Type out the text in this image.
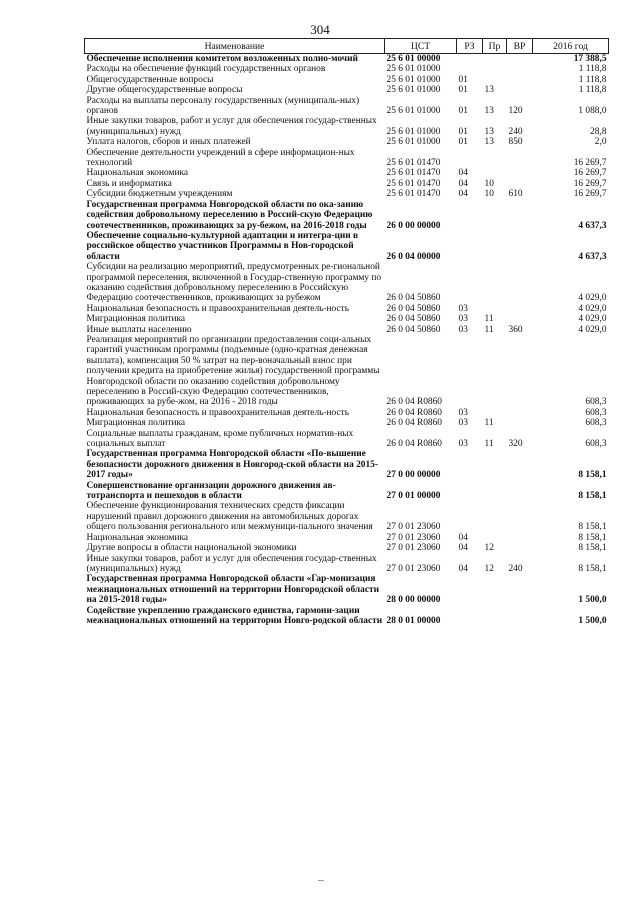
304
Наименование	ЦСТ	РЗ	Пр	ВР	2016 год
Обеспечение исполнения комитетом возложенных полно-мочий	25 6 01 00000				17 388,5
Расходы на обеспечение функций государственных органов	25 6 01 01000				1 118,8
Общегосударственные вопросы	25 6 01 01000	01			1 118,8
Другие общегосударственные вопросы	25 6 01 01000	01	13		1 118,8
Расходы на выплаты персоналу государственных (муниципаль-ных) органов	25 6 01 01000	01	13	120	1 088,0
Иные закупки товаров, работ и услуг для обеспечения государ-ственных (муниципальных) нужд	25 6 01 01000	01	13	240	28,8
Уплата налогов, сборов и иных платежей	25 6 01 01000	01	13	850	2,0
Обеспечение деятельности учреждений в сфере информацион-ных технологий	25 6 01 01470				16 269,7
Национальная экономика	25 6 01 01470	04			16 269,7
Связь и информатика	25 6 01 01470	04	10		16 269,7
Субсидии бюджетным учреждениям	25 6 01 01470	04	10	610	16 269,7
Государственная программа Новгородской области по ока-занию содействия добровольному переселению в Россий-скую Федерацию соотечественников, проживающих за ру-бежом, на 2016-2018 годы	26 0 00 00000				4 637,3
Обеспечение социально-культурной адаптации и интегра-ции в российское общество участников Программы в Нов-городской области	26 0 04 00000				4 637,3
Субсидии на реализацию мероприятий, предусмотренных ре-гиональной программой переселения, включенной в Государ-ственную программу по оказанию содействия добровольному переселению в Российскую Федерацию соотечественников, проживающих за рубежом	26 0 04 50860				4 029,0
Национальная безопасность и правоохранительная деятель-ность	26 0 04 50860	03			4 029,0
Миграционная политика	26 0 04 50860	03	11		4 029,0
Иные выплаты населению	26 0 04 50860	03	11	360	4 029,0
Реализация мероприятий по организации предоставления соци-альных гарантий участникам программы (подъемные (одно-кратная денежная выплата), компенсация 50 % затрат на пер-воначальный взнос при получении кредита на приобретение жилья) государственной программы Новгородской области по оказанию содействия добровольному переселению в Россий-скую Федерацию соотечественников, проживающих за рубе-жом, на 2016 - 2018 годы	26 0 04 R0860				608,3
Национальная безопасность и правоохранительная деятель-ность	26 0 04 R0860	03			608,3
Миграционная политика	26 0 04 R0860	03	11		608,3
Социальные выплаты гражданам, кроме публичных норматив-ных социальных выплат	26 0 04 R0860	03	11	320	608,3
Государственная программа Новгородской области «По-вышение безопасности дорожного движения в Новгород-ской области на 2015-2017 годы»	27 0 00 00000				8 158,1
Совершенствование организации дорожного движения ав-тотранспорта и пешеходов в области	27 0 01 00000				8 158,1
Обеспечение функционирования технических средств фиксации нарушений правил дорожного движения на автомобильных дорогах общего пользования регионального или межмуници-пального значения	27 0 01 23060				8 158,1
Национальная экономика	27 0 01 23060	04			8 158,1
Другие вопросы в области национальной экономики	27 0 01 23060	04	12		8 158,1
Иные закупки товаров, работ и услуг для обеспечения государ-ственных (муниципальных) нужд	27 0 01 23060	04	12	240	8 158,1
Государственная программа Новгородской области «Гар-монизация межнациональных отношений на территории Новгородской области на 2015-2018 годы»	28 0 00 00000				1 500,0
Содействие укреплению гражданского единства, гармони-зации межнациональных отношений на территории Новго-родской области	28 0 01 00000				1 500,0
